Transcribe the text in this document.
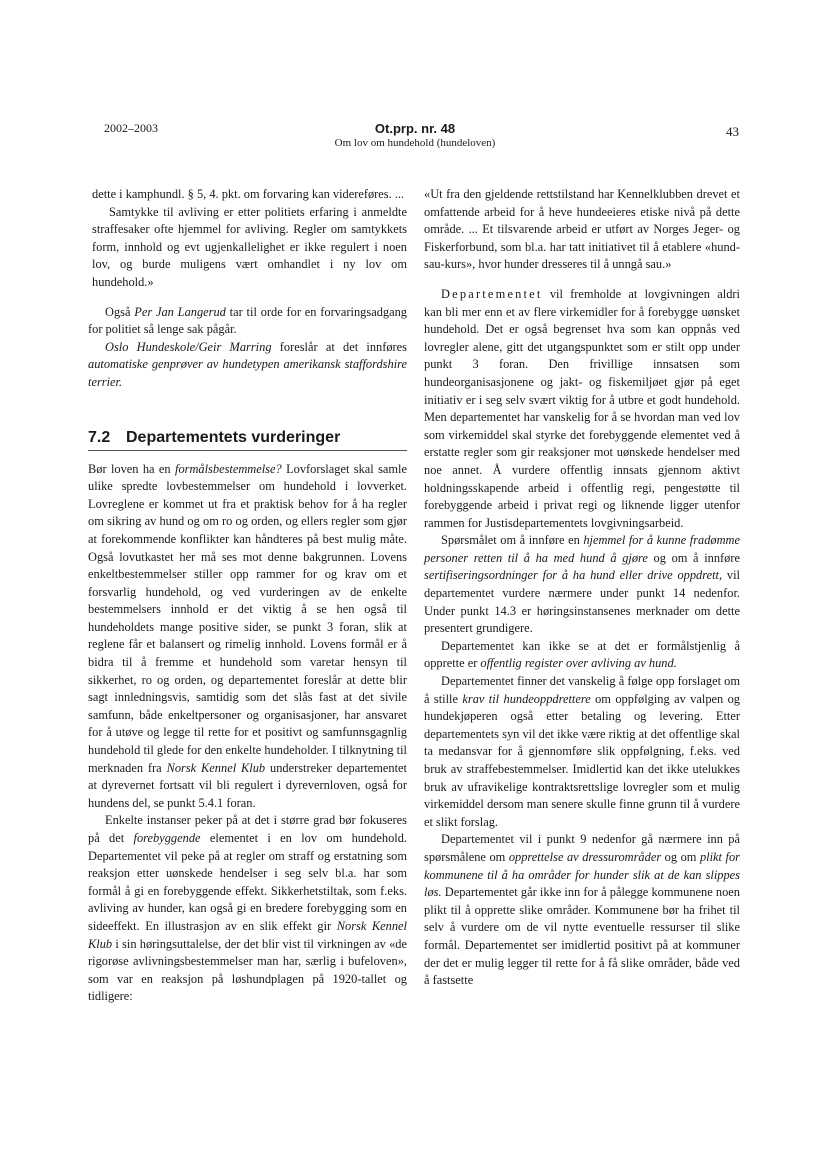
2002–2003	Ot.prp. nr. 48
Om lov om hundehold (hundeloven)
43

dette i kamphundl. § 5, 4. pkt. om forvaring kan videreføres. ...

Samtykke til avliving er etter politiets erfaring i anmeldte straffesaker ofte hjemmel for avliving. Regler om samtykkets form, innhold og evt ugjenkallelighet er ikke regulert i noen lov, og burde muligens vært omhandlet i ny lov om hundehold.»

Også Per Jan Langerud tar til orde for en forvaringsadgang for politiet så lenge sak pågår.

Oslo Hundeskole/Geir Marring foreslår at det innføres automatiske genprøver av hundetypen amerikansk staffordshire terrier.

7.2 Departementets vurderinger

Bør loven ha en formålsbestemmelse? Lovforslaget skal samle ulike spredte lovbestemmelser om hundehold i lovverket. Lovreglene er kommet ut fra et praktisk behov for å ha regler om sikring av hund og om ro og orden, og ellers regler som gjør at forekommende konflikter kan håndteres på best mulig måte. Også lovutkastet her må ses mot denne bakgrunnen. Lovens enkeltbestemmelser stiller opp rammer for og krav om et forsvarlig hundehold, og ved vurderingen av de enkelte bestemmelsers innhold er det viktig å se hen også til hundeholdets mange positive sider, se punkt 3 foran, slik at reglene får et balansert og rimelig innhold. Lovens formål er å bidra til å fremme et hundehold som varetar hensyn til sikkerhet, ro og orden, og departementet foreslår at dette blir sagt innledningsvis, samtidig som det slås fast at det sivile samfunn, både enkeltpersoner og organisasjoner, har ansvaret for å utøve og legge til rette for et positivt og samfunnsgagnlig hundehold til glede for den enkelte hundeholder. I tilknytning til merknaden fra Norsk Kennel Klub understreker departementet at dyrevernet fortsatt vil bli regulert i dyrevernloven, også for hundens del, se punkt 5.4.1 foran.

Enkelte instanser peker på at det i større grad bør fokuseres på det forebyggende elementet i en lov om hundehold. Departementet vil peke på at regler om straff og erstatning som reaksjon etter uønskede hendelser i seg selv bl.a. har som formål å gi en forebyggende effekt. Sikkerhetstiltak, som f.eks. avliving av hunder, kan også gi en bredere forebygging som en sideeffekt. En illustrasjon av en slik effekt gir Norsk Kennel Klub i sin høringsuttalelse, der det blir vist til virkningen av «de rigorøse avlivningsbestemmelser man har, særlig i bufeloven», som var en reaksjon på løshundplagen på 1920-tallet og tidligere:

«Ut fra den gjeldende rettstilstand har Kennelklubben drevet et omfattende arbeid for å heve hundeeieres etiske nivå på dette område. ... Et tilsvarende arbeid er utført av Norges Jeger- og Fiskerforbund, som bl.a. har tatt initiativet til å etablere «hund-sau-kurs», hvor hunder dresseres til å unngå sau.»

Departementet vil fremholde at lovgivningen aldri kan bli mer enn et av flere virkemidler for å forebygge uønsket hundehold. Det er også begrenset hva som kan oppnås ved lovregler alene, gitt det utgangspunktet som er stilt opp under punkt 3 foran. Den frivillige innsatsen som hundeorganisasjonene og jakt- og fiskemiljøet gjør på eget initiativ er i seg selv svært viktig for å utbre et godt hundehold. Men departementet har vanskelig for å se hvordan man ved lov som virkemiddel skal styrke det forebyggende elementet ved å erstatte regler som gir reaksjoner mot uønskede hendelser med noe annet. Å vurdere offentlig innsats gjennom aktivt holdningsskapende arbeid i offentlig regi, pengestøtte til forebyggende arbeid i privat regi og liknende ligger utenfor rammen for Justisdepartementets lovgivningsarbeid.

Spørsmålet om å innføre en hjemmel for å kunne fradømme personer retten til å ha med hund å gjøre og om å innføre sertifiseringsordninger for å ha hund eller drive oppdrett, vil departementet vurdere nærmere under punkt 14 nedenfor. Under punkt 14.3 er høringsinstansenes merknader om dette presentert grundigere.

Departementet kan ikke se at det er formålstjenlig å opprette er offentlig register over avliving av hund.

Departementet finner det vanskelig å følge opp forslaget om å stille krav til hundeoppdrettere om oppfølging av valpen og hundekjøperen også etter betaling og levering. Etter departementets syn vil det ikke være riktig at det offentlige skal ta medansvar for å gjennomføre slik oppfølgning, f.eks. ved bruk av straffebestemmelser. Imidlertid kan det ikke utelukkes bruk av ufravikelige kontraktsrettslige lovregler som et mulig virkemiddel dersom man senere skulle finne grunn til å vurdere et slikt forslag.

Departementet vil i punkt 9 nedenfor gå nærmere inn på spørsmålene om opprettelse av dressurområder og om plikt for kommunene til å ha områder for hunder slik at de kan slippes løs. Departementet går ikke inn for å pålegge kommunene noen plikt til å opprette slike områder. Kommunene bør ha frihet til selv å vurdere om de vil nytte eventuelle ressurser til slike formål. Departementet ser imidlertid positivt på at kommuner der det er mulig legger til rette for å få slike områder, både ved å fastsette
